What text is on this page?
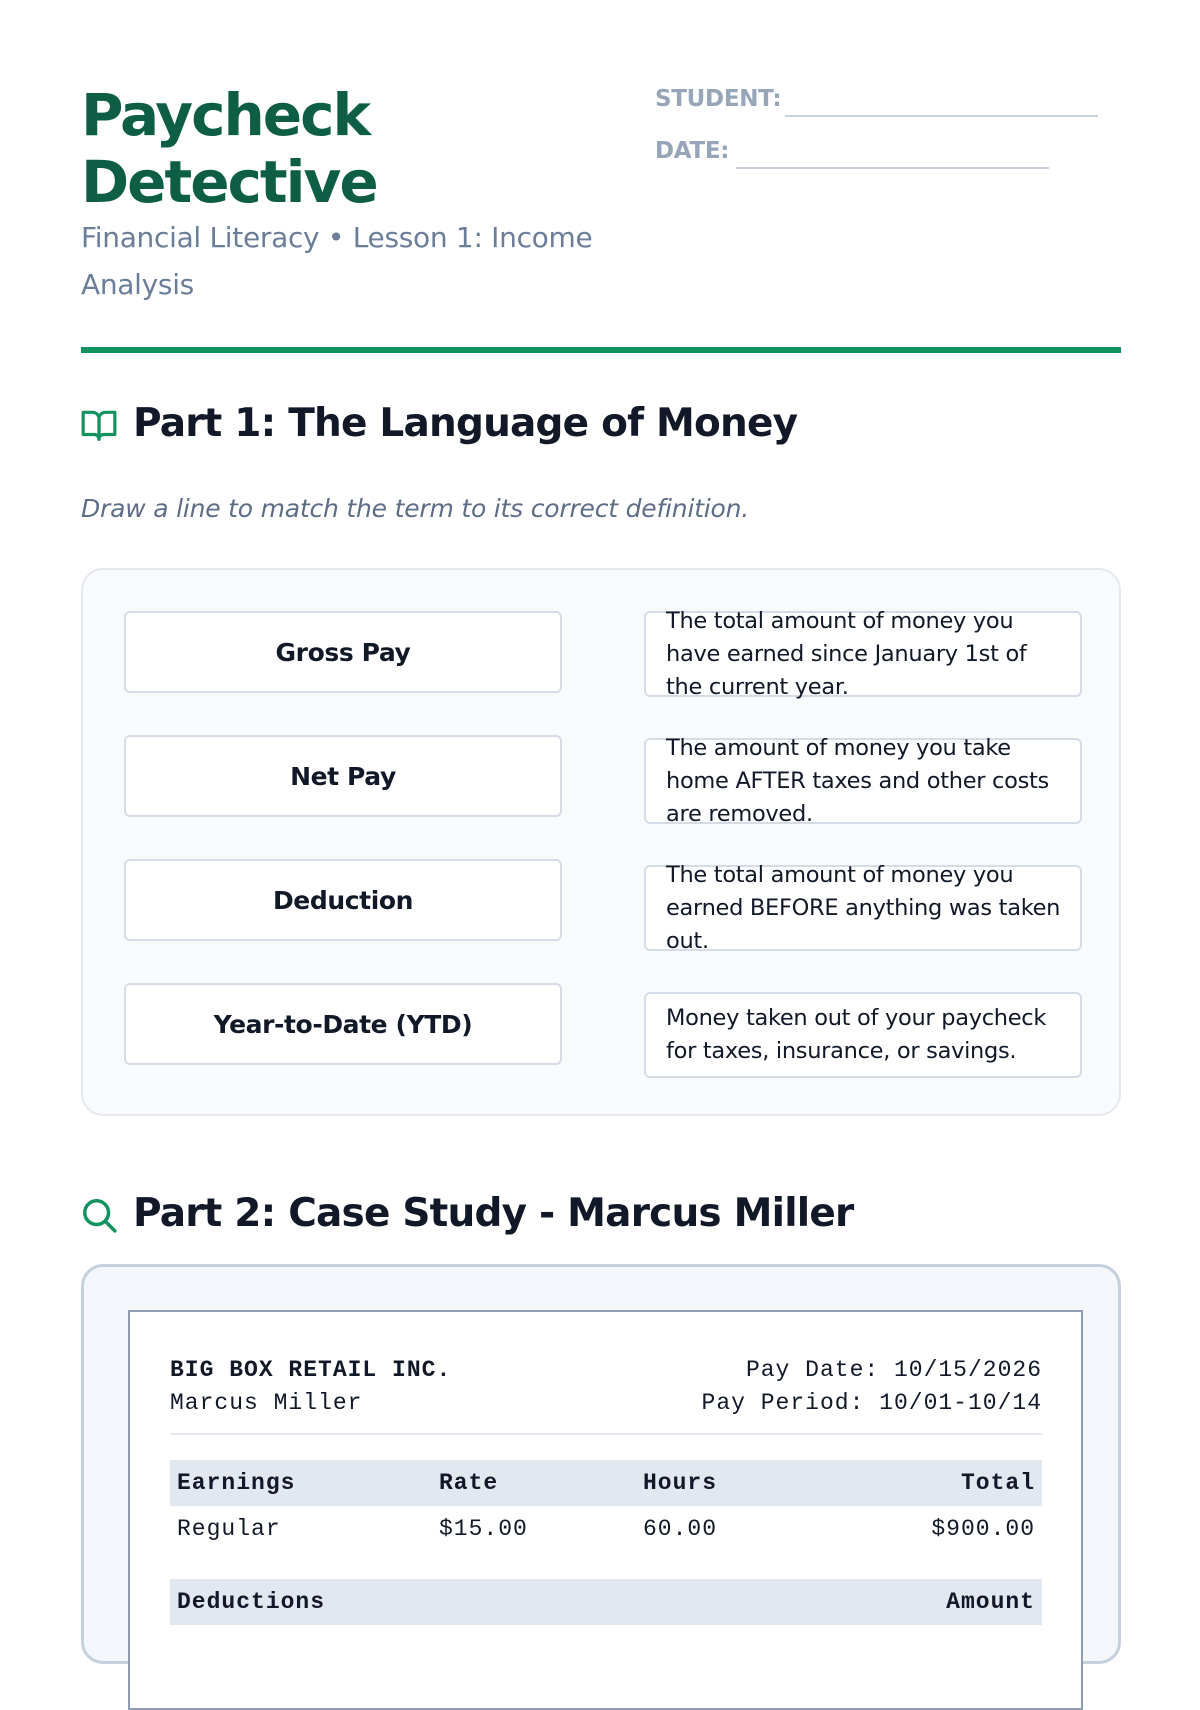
Paycheck
Detective

Financial Literacy • Lesson 1: Income Analysis

STUDENT:
DATE:
Part 1: The Language of Money

Draw a line to match the term to its correct definition.

Gross Pay
Net Pay
Deduction
Year-to-Date (YTD)
The total amount of money you have earned since January 1st of the current year.
The amount of money you take home AFTER taxes and other costs are removed.
The total amount of money you earned BEFORE anything was taken out.
Money taken out of your paycheck for taxes, insurance, or savings.
Part 2: Case Study - Marcus Miller
BIG BOX RETAIL INC.
Marcus Miller
Pay Date: 10/15/2026
Pay Period: 10/01-10/14
Earnings	Rate	Hours	Total
Regular	$15.00	60.00	$900.00
Deductions	Amount
